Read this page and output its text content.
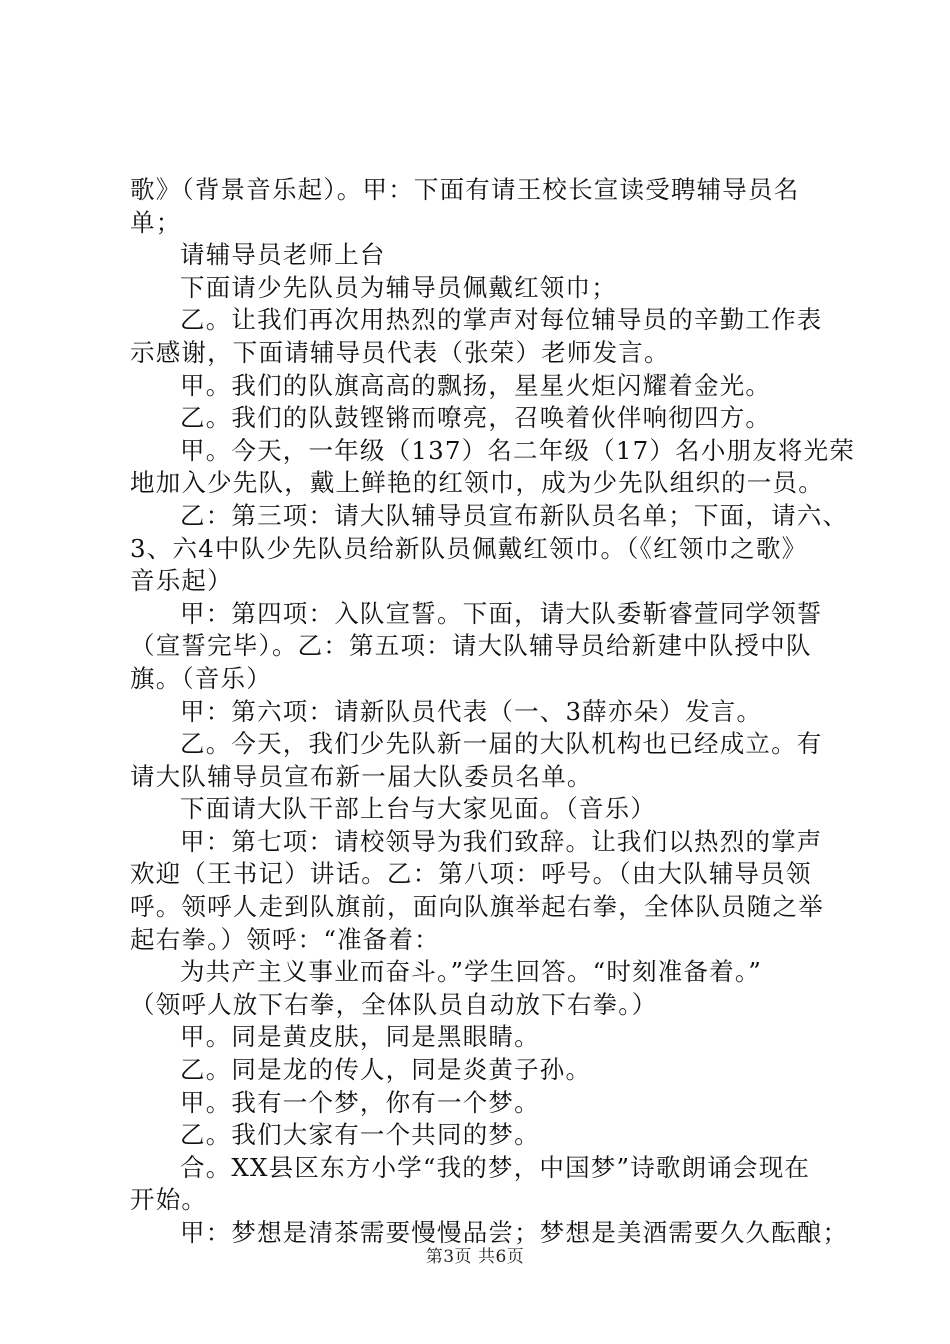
歌》（背景音乐起）。甲：下面有请王校长宣读受聘辅导员名
单；
请辅导员老师上台
下面请少先队员为辅导员佩戴红领巾；
乙。让我们再次用热烈的掌声对每位辅导员的辛勤工作表
示感谢，下面请辅导员代表（张荣）老师发言。
甲。我们的队旗高高的飘扬，星星火炬闪耀着金光。
乙。我们的队鼓铿锵而嘹亮，召唤着伙伴响彻四方。
甲。今天，一年级（137）名二年级（17）名小朋友将光荣
地加入少先队，戴上鲜艳的红领巾，成为少先队组织的一员。
乙：第三项：请大队辅导员宣布新队员名单；下面，请六、
3、六4中队少先队员给新队员佩戴红领巾。（《红领巾之歌》
音乐起）
甲：第四项：入队宣誓。下面，请大队委靳睿萱同学领誓
（宣誓完毕）。乙：第五项：请大队辅导员给新建中队授中队
旗。（音乐）
甲：第六项：请新队员代表（一、3薛亦朵）发言。
乙。今天，我们少先队新一届的大队机构也已经成立。有
请大队辅导员宣布新一届大队委员名单。
下面请大队干部上台与大家见面。（音乐）
甲：第七项：请校领导为我们致辞。让我们以热烈的掌声
欢迎（王书记）讲话。乙：第八项：呼号。（由大队辅导员领
呼。领呼人走到队旗前，面向队旗举起右拳，全体队员随之举
起右拳。）领呼：“准备着：
为共产主义事业而奋斗。”学生回答。“时刻准备着。”
（领呼人放下右拳，全体队员自动放下右拳。）
甲。同是黄皮肤，同是黑眼睛。
乙。同是龙的传人，同是炎黄子孙。
甲。我有一个梦，你有一个梦。
乙。我们大家有一个共同的梦。
合。XX县区东方小学“我的梦，中国梦”诗歌朗诵会现在
开始。
甲：梦想是清茶需要慢慢品尝；梦想是美酒需要久久酝酿；
第3页 共6页
